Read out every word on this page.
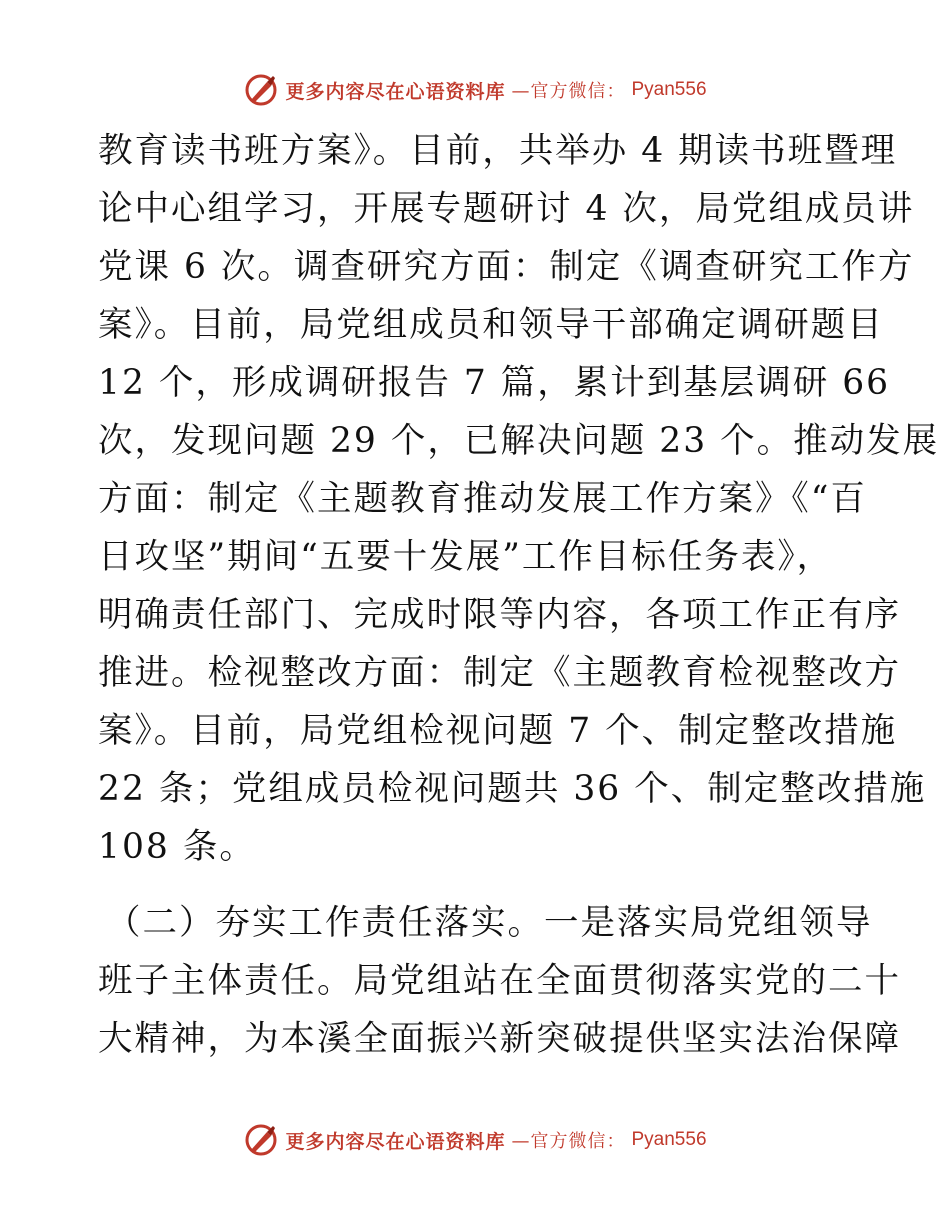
更多内容尽在心语资料库 —官方微信： Pyan556
教育读书班方案》。目前，共举办 4 期读书班暨理
论中心组学习，开展专题研讨 4 次，局党组成员讲
党课 6 次。调查研究方面：制定《调查研究工作方
案》。目前，局党组成员和领导干部确定调研题目
12 个，形成调研报告 7 篇，累计到基层调研 66
次，发现问题 29 个，已解决问题 23 个。推动发展
方面：制定《主题教育推动发展工作方案》《“百
日攻坚”期间“五要十发展”工作目标任务表》，
明确责任部门、完成时限等内容，各项工作正有序
推进。检视整改方面：制定《主题教育检视整改方
案》。目前，局党组检视问题 7 个、制定整改措施
22 条；党组成员检视问题共 36 个、制定整改措施
108 条。
（二）夯实工作责任落实。一是落实局党组领导
班子主体责任。局党组站在全面贯彻落实党的二十
大精神，为本溪全面振兴新突破提供坚实法治保障
更多内容尽在心语资料库 —官方微信： Pyan556
